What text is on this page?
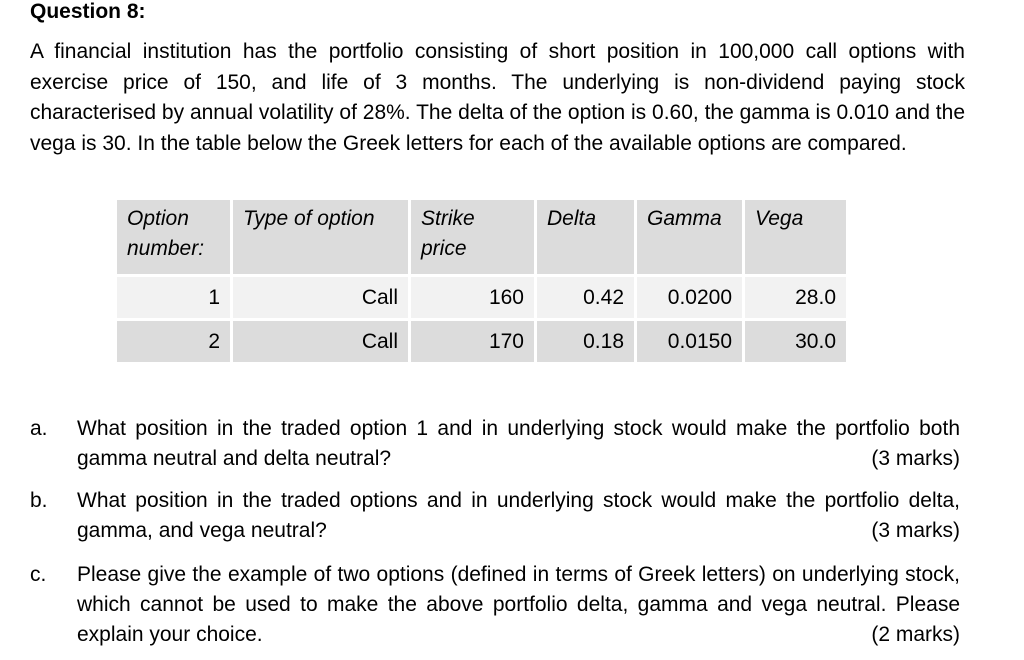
Question 8:
A financial institution has the portfolio consisting of short position in 100,000 call options with exercise price of 150, and life of 3 months. The underlying is non-dividend paying stock characterised by annual volatility of 28%. The delta of the option is 0.60, the gamma is 0.010 and the vega is 30. In the table below the Greek letters for each of the available options are compared.
Option number:	Type of option	Strike price	Delta	Gamma	Vega
1	Call	160	0.42	0.0200	28.0
2	Call	170	0.18	0.0150	30.0
a. What position in the traded option 1 and in underlying stock would make the portfolio both gamma neutral and delta neutral?	(3 marks)
b. What position in the traded options and in underlying stock would make the portfolio delta, gamma, and vega neutral?	(3 marks)
c. Please give the example of two options (defined in terms of Greek letters) on underlying stock, which cannot be used to make the above portfolio delta, gamma and vega neutral. Please explain your choice.	(2 marks)
